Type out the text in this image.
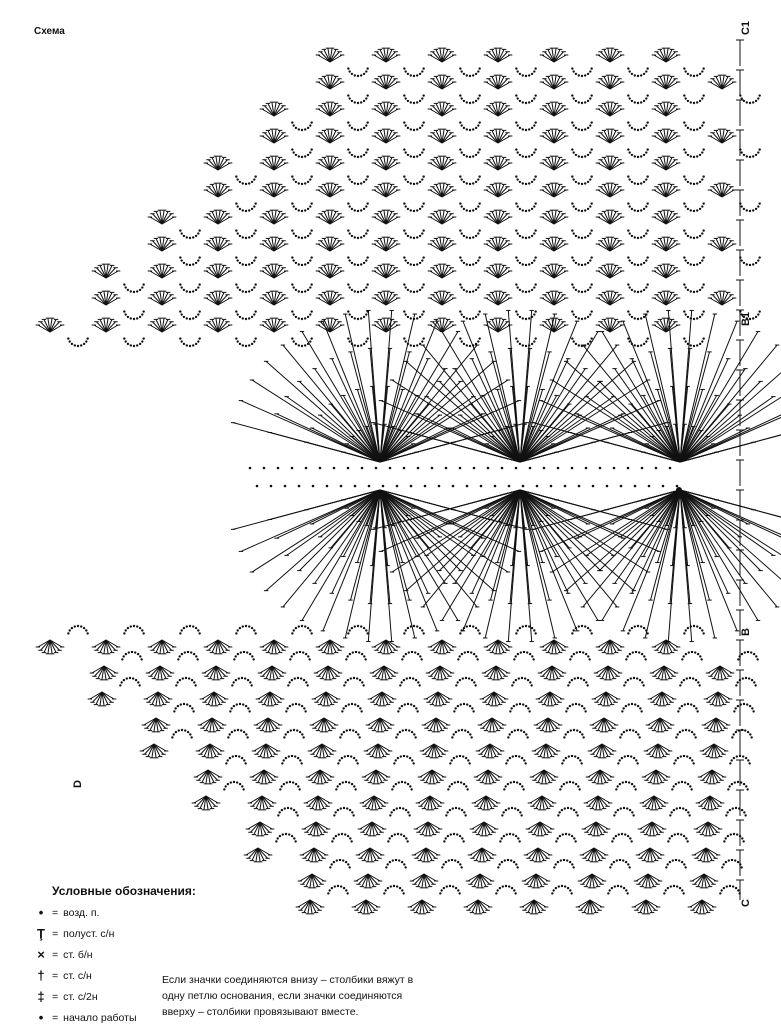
Схема	C1
B1
B
C
D
Условные обозначения:
• = возд. п.
Ţ = полуст. с/н
× = ст. б/н
† = ст. с/н
‡ = ст. с/2н
• = начало работы
Если значки соединяются внизу – столбики вяжут в одну петлю основания, если значки соединяются вверху – столбики провязывают вместе.
